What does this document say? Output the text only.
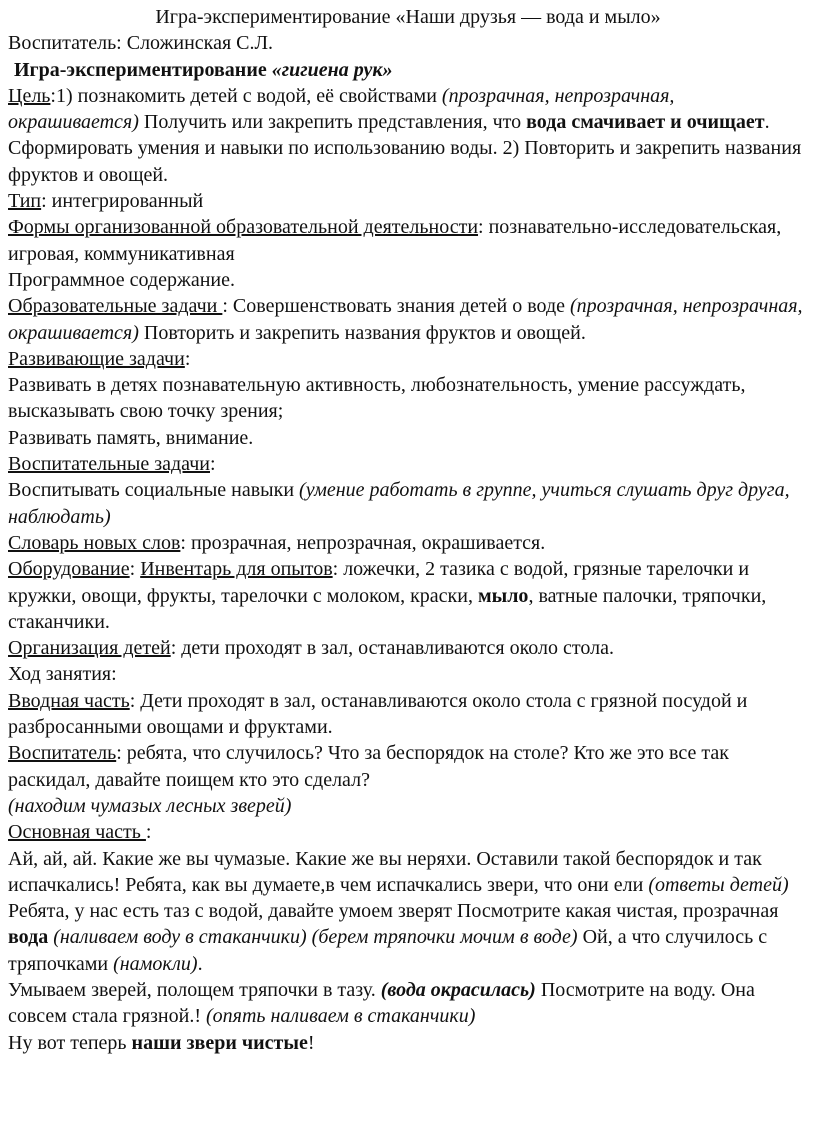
Игра-экспериментирование «Наши друзья — вода и мыло»

Воспитатель: Сложинская С.Л.

Игра-экспериментирование «гигиена рук»

Цель:1) познакомить детей с водой, её свойствами (прозрачная, непрозрачная, окрашивается) Получить или закрепить представления, что вода смачивает и очищает. Сформировать умения и навыки по использованию воды. 2) Повторить и закрепить названия фруктов и овощей.

Тип: интегрированный

Формы организованной образовательной деятельности: познавательно-исследовательская, игровая, коммуникативная

Программное содержание.

Образовательные задачи : Совершенствовать знания детей о воде (прозрачная, непрозрачная, окрашивается) Повторить и закрепить названия фруктов и овощей.

Развивающие задачи:

Развивать в детях познавательную активность, любознательность, умение рассуждать, высказывать свою точку зрения;

Развивать память, внимание.

Воспитательные задачи:

Воспитывать социальные навыки (умение работать в группе, учиться слушать друг друга, наблюдать)

Словарь новых слов: прозрачная, непрозрачная, окрашивается.

Оборудование: Инвентарь для опытов: ложечки, 2 тазика с водой, грязные тарелочки и кружки, овощи, фрукты, тарелочки с молоком, краски, мыло, ватные палочки, тряпочки, стаканчики.

Организация детей: дети проходят в зал, останавливаются около стола.

Ход занятия:

Вводная часть: Дети проходят в зал, останавливаются около стола с грязной посудой и разбросанными овощами и фруктами.

Воспитатель: ребята, что случилось? Что за беспорядок на столе? Кто же это все так раскидал, давайте поищем кто это сделал?

(находим чумазых лесных зверей)

Основная часть :

Ай, ай, ай. Какие же вы чумазые. Какие же вы неряхи. Оставили такой беспорядок и так испачкались! Ребята, как вы думаете,в чем испачкались звери, что они ели (ответы детей)

Ребята, у нас есть таз с водой, давайте умоем зверят Посмотрите какая чистая, прозрачная вода (наливаем воду в стаканчики) (берем тряпочки мочим в воде) Ой, а что случилось с тряпочками (намокли).

Умываем зверей, полощем тряпочки в тазу. (вода окрасилась) Посмотрите на воду. Она совсем стала грязной.! (опять наливаем в стаканчики)

Ну вот теперь наши звери чистые!
